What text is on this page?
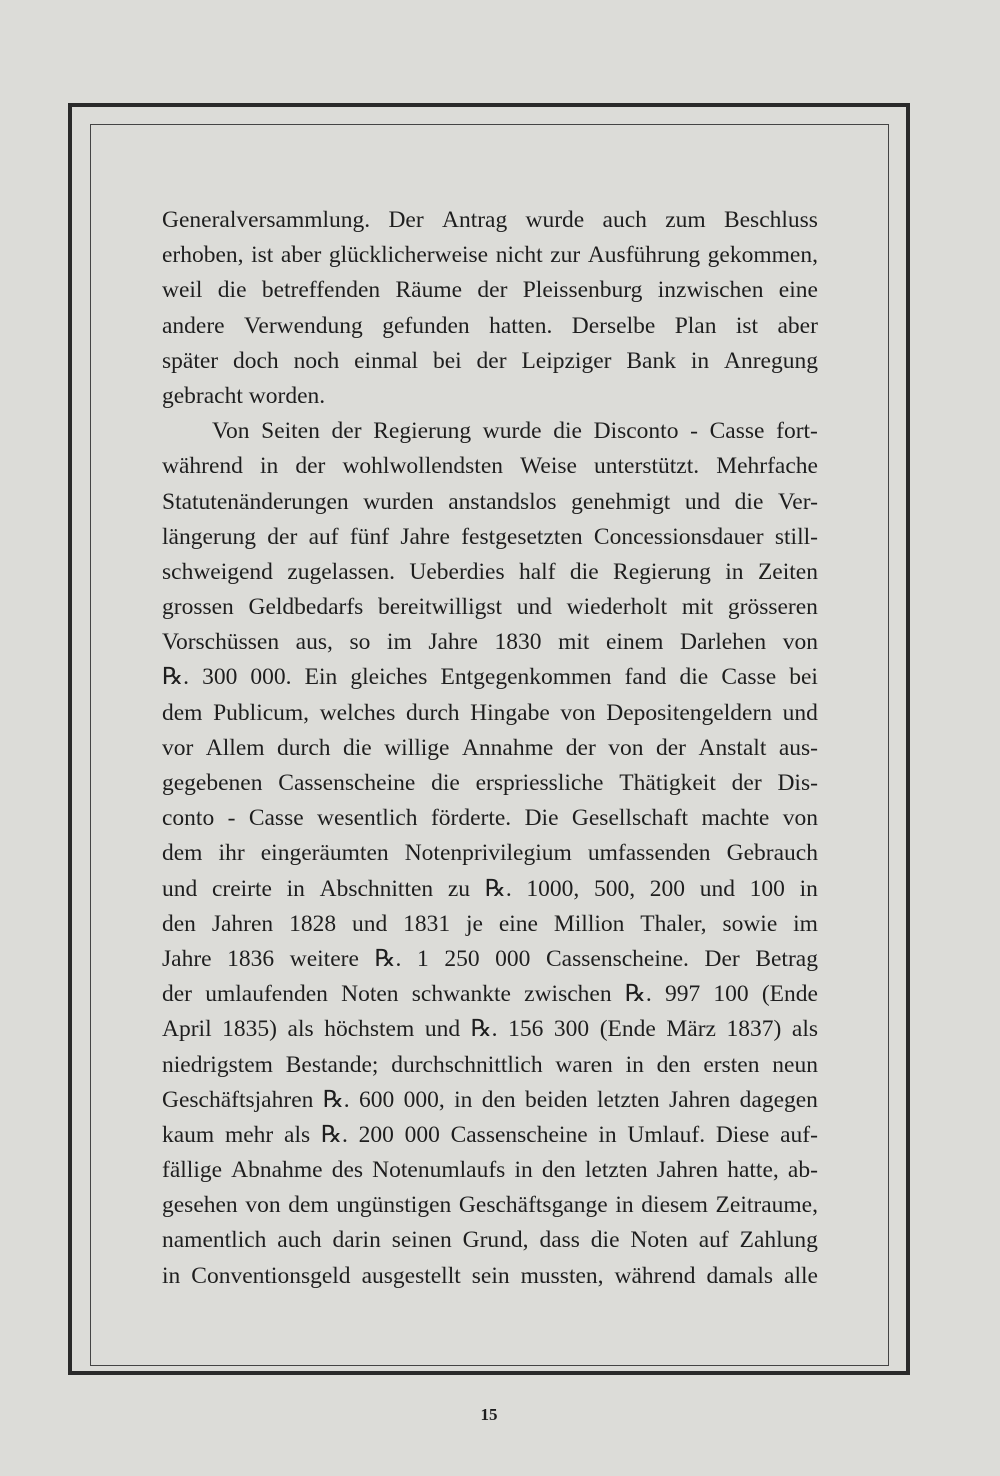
Generalversammlung. Der Antrag wurde auch zum Beschluss
erhoben, ist aber glücklicherweise nicht zur Ausführung gekommen,
weil die betreffenden Räume der Pleissenburg inzwischen eine
andere Verwendung gefunden hatten. Derselbe Plan ist aber
später doch noch einmal bei der Leipziger Bank in Anregung
gebracht worden.
Von Seiten der Regierung wurde die Disconto - Casse fort-
während in der wohlwollendsten Weise unterstützt. Mehrfache
Statutenänderungen wurden anstandslos genehmigt und die Ver-
längerung der auf fünf Jahre festgesetzten Concessionsdauer still-
schweigend zugelassen. Ueberdies half die Regierung in Zeiten
grossen Geldbedarfs bereitwilligst und wiederholt mit grösseren
Vorschüssen aus, so im Jahre 1830 mit einem Darlehen von
℞. 300 000. Ein gleiches Entgegenkommen fand die Casse bei
dem Publicum, welches durch Hingabe von Depositengeldern und
vor Allem durch die willige Annahme der von der Anstalt aus-
gegebenen Cassenscheine die erspriessliche Thätigkeit der Dis-
conto - Casse wesentlich förderte. Die Gesellschaft machte von
dem ihr eingeräumten Notenprivilegium umfassenden Gebrauch
und creirte in Abschnitten zu ℞. 1000, 500, 200 und 100 in
den Jahren 1828 und 1831 je eine Million Thaler, sowie im
Jahre 1836 weitere ℞. 1 250 000 Cassenscheine. Der Betrag
der umlaufenden Noten schwankte zwischen ℞. 997 100 (Ende
April 1835) als höchstem und ℞. 156 300 (Ende März 1837) als
niedrigstem Bestande; durchschnittlich waren in den ersten neun
Geschäftsjahren ℞. 600 000, in den beiden letzten Jahren dagegen
kaum mehr als ℞. 200 000 Cassenscheine in Umlauf. Diese auf-
fällige Abnahme des Notenumlaufs in den letzten Jahren hatte, ab-
gesehen von dem ungünstigen Geschäftsgange in diesem Zeitraume,
namentlich auch darin seinen Grund, dass die Noten auf Zahlung
in Conventionsgeld ausgestellt sein mussten, während damals alle
15
